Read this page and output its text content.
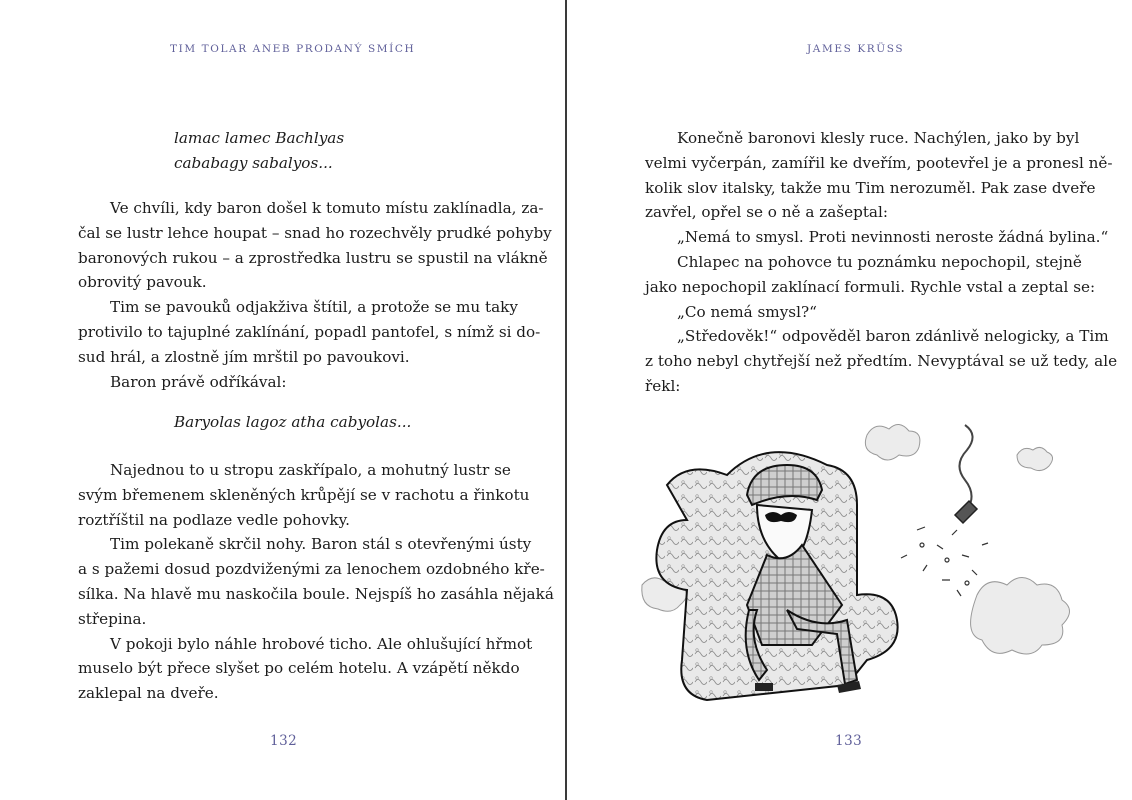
TIM TOLAR ANEB PRODANÝ SMÍCH
lamac lamec Bachlyas
cababagy sabalyos...
Ve chvíli, kdy baron došel k tomuto místu zaklínadla, za-
čal se lustr lehce houpat – snad ho rozechvěly prudké pohyby
baronových rukou – a zprostředka lustru se spustil na vlákně
obrovitý pavouk.
Tim se pavouků odjakživa štítil, a protože se mu taky
protivilo to tajuplné zaklínání, popadl pantofel, s nímž si do-
sud hrál, a zlostně jím mrštil po pavoukovi.
Baron právě odříkával:
Baryolas lagoz atha cabyolas...
Najednou to u stropu zaskřípalo, a mohutný lustr se
svým břemenem skleněných krůpějí se v rachotu a řinkotu
roztříštil na podlaze vedle pohovky.
Tim polekaně skrčil nohy. Baron stál s otevřenými ústy
a s pažemi dosud pozdviženými za lenochem ozdobného kře-
sílka. Na hlavě mu naskočila boule. Nejspíš ho zasáhla nějaká
střepina.
V pokoji bylo náhle hrobové ticho. Ale ohlušující hřmot
muselo být přece slyšet po celém hotelu. A vzápětí někdo
zaklepal na dveře.
132
JAMES KRÜSS
Konečně baronovi klesly ruce. Nachýlen, jako by byl
velmi vyčerpán, zamířil ke dveřím, pootevřel je a pronesl ně-
kolik slov italsky, takže mu Tim nerozuměl. Pak zase dveře
zavřel, opřel se o ně a zašeptal:
„Nemá to smysl. Proti nevinnosti neroste žádná bylina.“
Chlapec na pohovce tu poznámku nepochopil, stejně
jako nepochopil zaklínací formuli. Rychle vstal a zeptal se:
„Co nemá smysl?“
„Středověk!“ odpověděl baron zdánlivě nelogicky, a Tim
z toho nebyl chytřejší než předtím. Nevyptával se už tedy, ale
řekl:
133
